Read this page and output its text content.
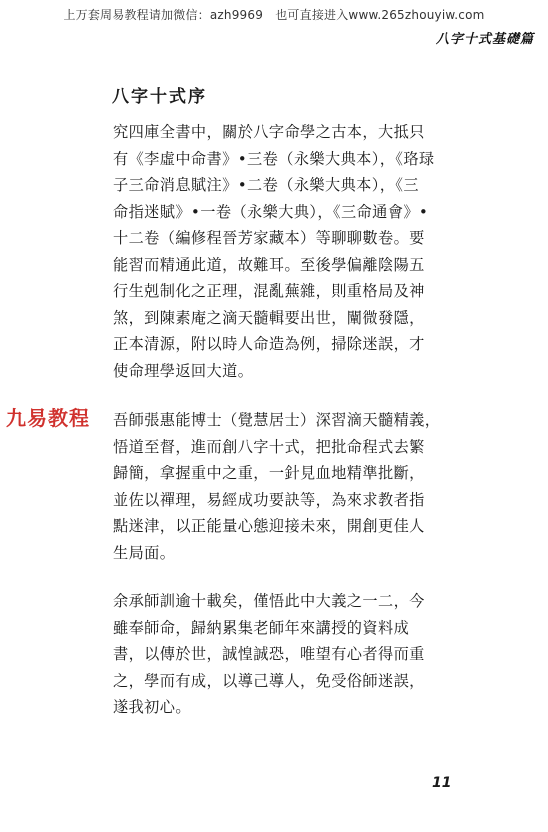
上万套周易教程请加微信：azh9969　也可直接进入www.265zhouyiw.com
八字十式基礎篇
八字十式序
究四庫全書中，關於八字命學之古本，大抵只
有《李虛中命書》•三卷（永樂大典本），《珞琭
子三命消息賦注》•二卷（永樂大典本），《三
命指迷賦》•一卷（永樂大典），《三命通會》•
十二卷（編修程晉芳家藏本）等聊聊數卷。要
能習而精通此道，故難耳。至後學偏離陰陽五
行生剋制化之正理，混亂蕪雜，則重格局及神
煞，到陳素庵之滴天髓輯要出世，闡微發隱，
正本清源，附以時人命造為例，掃除迷誤，才
使命理學返回大道。
九易教程 吾師張惠能博士（覺慧居士）深習滴天髓精義，
悟道至督，進而創八字十式，把批命程式去繁
歸簡，拿握重中之重，一針見血地精準批斷，
並佐以禪理，易經成功要訣等，為來求教者指
點迷津，以正能量心態迎接未來，開創更佳人
生局面。
余承師訓逾十載矣，僅悟此中大義之一二，今
雖奉師命，歸納累集老師年來講授的資料成
書，以傳於世，誠惶誠恐，唯望有心者得而重
之，學而有成，以導己導人，免受俗師迷誤，
遂我初心。
11
